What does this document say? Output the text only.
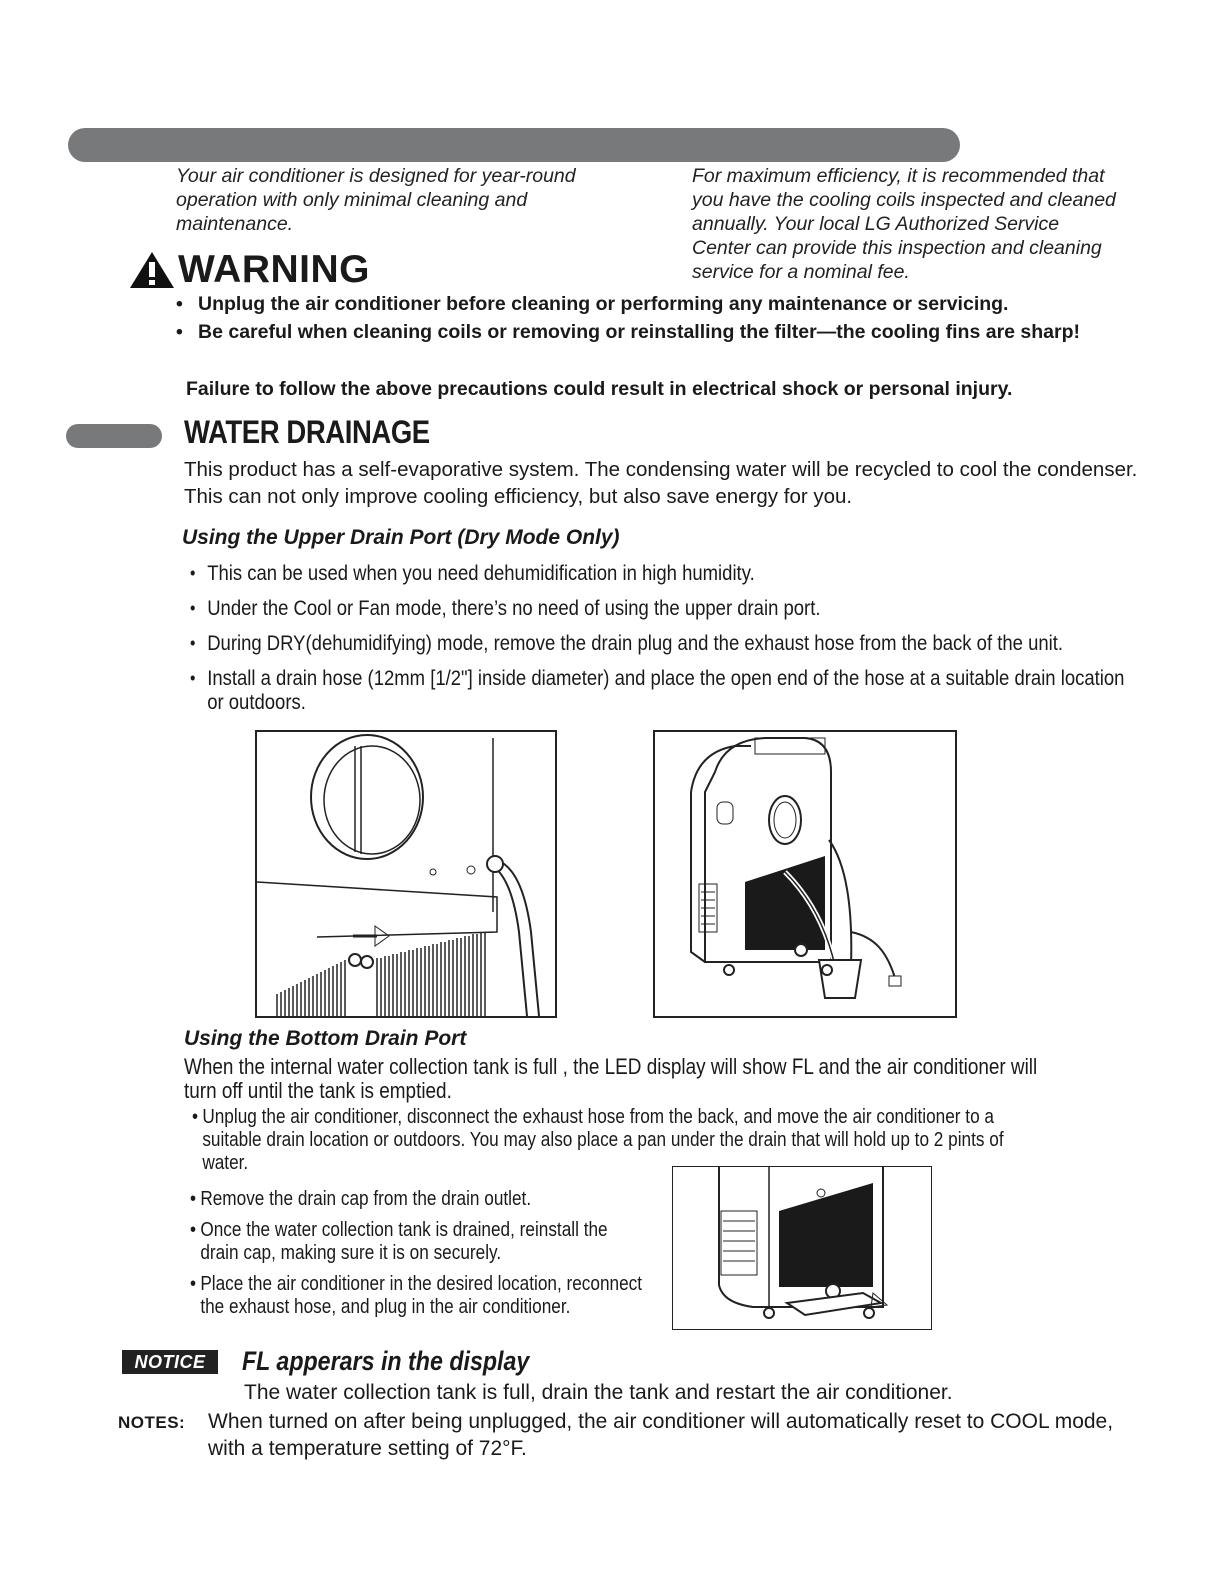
Your air conditioner is designed for year-round operation with only minimal cleaning and maintenance.

For maximum efficiency, it is recommended that you have the cooling coils inspected and cleaned annually. Your local LG Authorized Service Center can provide this inspection and cleaning service for a nominal fee.

WARNING
• Unplug the air conditioner before cleaning or performing any maintenance or servicing.
• Be careful when cleaning coils or removing or reinstalling the filter—the cooling fins are sharp!
Failure to follow the above precautions could result in electrical shock or personal injury.
WATER DRAINAGE
This product has a self-evaporative system. The condensing water will be recycled to cool the condenser. This can not only improve cooling efficiency, but also save energy for you.
Using the Upper Drain Port (Dry Mode Only)
• This can be used when you need dehumidification in high humidity.
• Under the Cool or Fan mode, there’s no need of using the upper drain port.
• During DRY(dehumidifying) mode, remove the drain plug and the exhaust hose from the back of the unit.
• Install a drain hose (12mm [1/2"] inside diameter) and place the open end of the hose at a suitable drain location or outdoors.
Using the Bottom Drain Port
When the internal water collection tank is full , the LED display will show FL and the air conditioner will turn off until the tank is emptied.
• Unplug the air conditioner, disconnect the exhaust hose from the back, and move the air conditioner to a suitable drain location or outdoors. You may also place a pan under the drain that will hold up to 2 pints of water.
• Remove the drain cap from the drain outlet.
• Once the water collection tank is drained, reinstall the drain cap, making sure it is on securely.
• Place the air conditioner in the desired location, reconnect the exhaust hose, and plug in the air conditioner.
NOTICE	FL apperars in the display
The water collection tank is full, drain the tank and restart the air conditioner.
NOTES: When turned on after being unplugged, the air conditioner will automatically reset to COOL mode, with a temperature setting of 72°F.
